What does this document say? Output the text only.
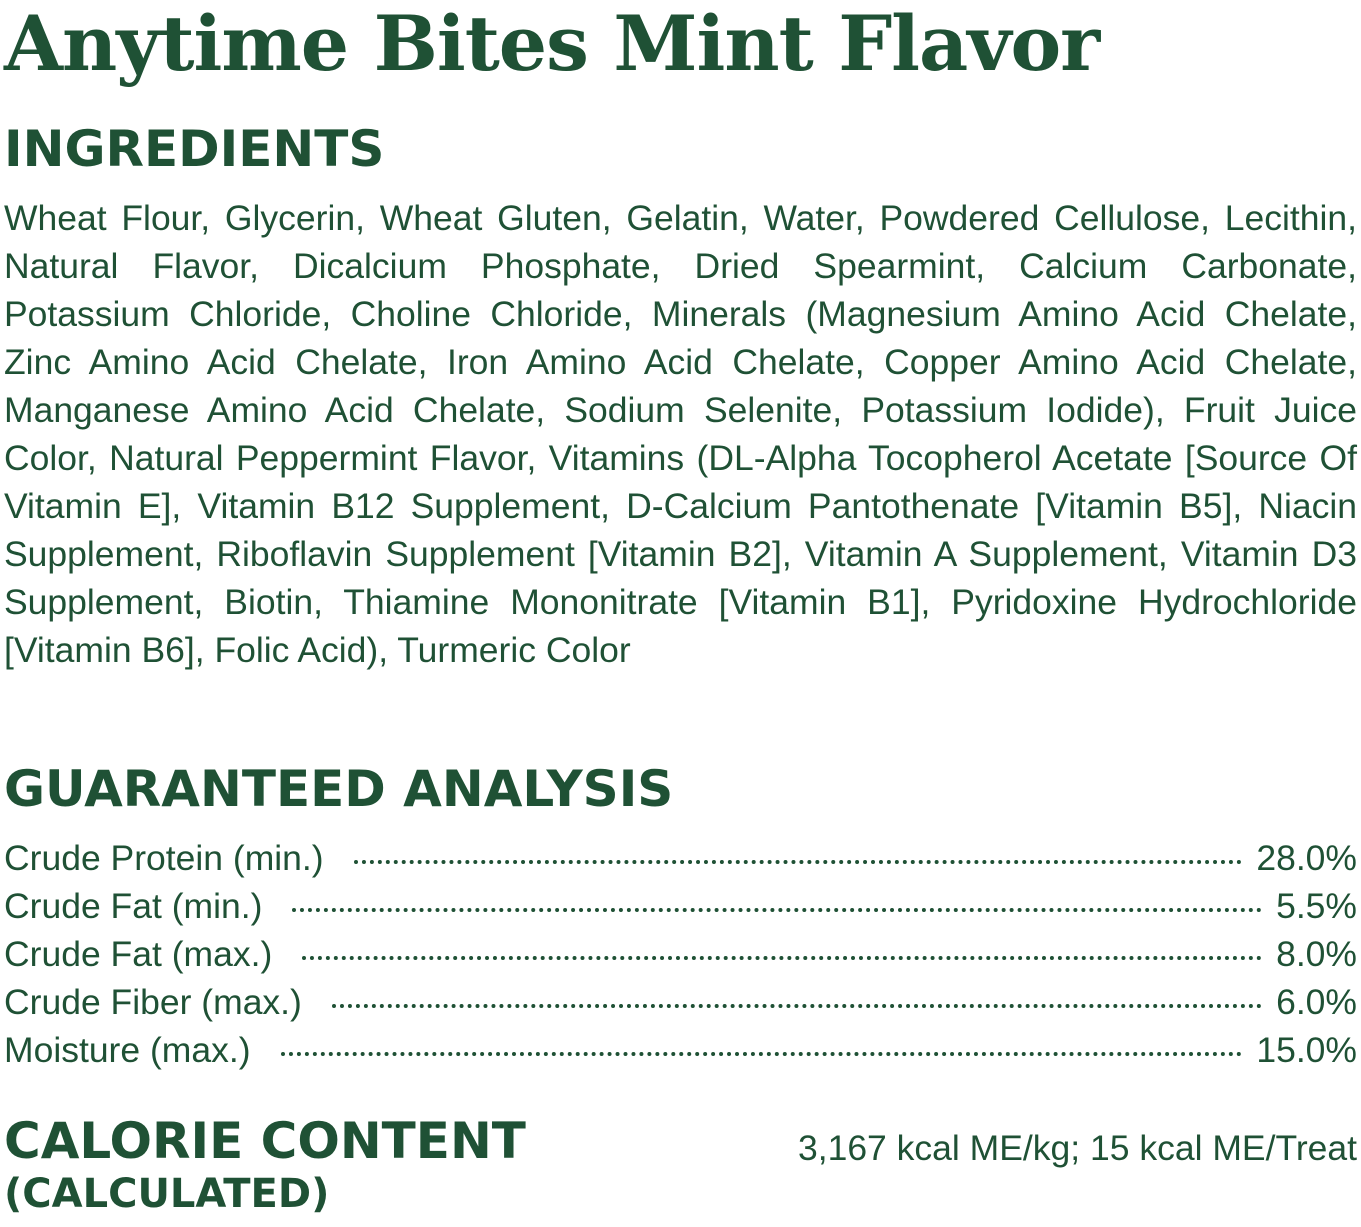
Anytime Bites Mint Flavor
INGREDIENTS

Wheat Flour, Glycerin, Wheat Gluten, Gelatin, Water, Powdered Cellulose, Lecithin, Natural Flavor, Dicalcium Phosphate, Dried Spearmint, Calcium Carbonate, Potassium Chloride, Choline Chloride, Minerals (Magnesium Amino Acid Chelate, Zinc Amino Acid Chelate, Iron Amino Acid Chelate, Copper Amino Acid Chelate, Manganese Amino Acid Chelate, Sodium Selenite, Potassium Iodide), Fruit Juice Color, Natural Peppermint Flavor, Vitamins (DL-Alpha Tocopherol Acetate [Source Of Vitamin E], Vitamin B12 Supplement, D-Calcium Pantothenate [Vitamin B5], Niacin Supplement, Riboflavin Supplement [Vitamin B2], Vitamin A Supplement, Vitamin D3 Supplement, Biotin, Thiamine Mononitrate [Vitamin B1], Pyridoxine Hydrochloride [Vitamin B6], Folic Acid), Turmeric Color

GUARANTEED ANALYSIS
Crude Protein (min.)	28.0%
Crude Fat (min.)	5.5%
Crude Fat (max.)	8.0%
Crude Fiber (max.)	6.0%
Moisture (max.)	15.0%
CALORIE CONTENT
(CALCULATED)
3,167 kcal ME/kg; 15 kcal ME/Treat
